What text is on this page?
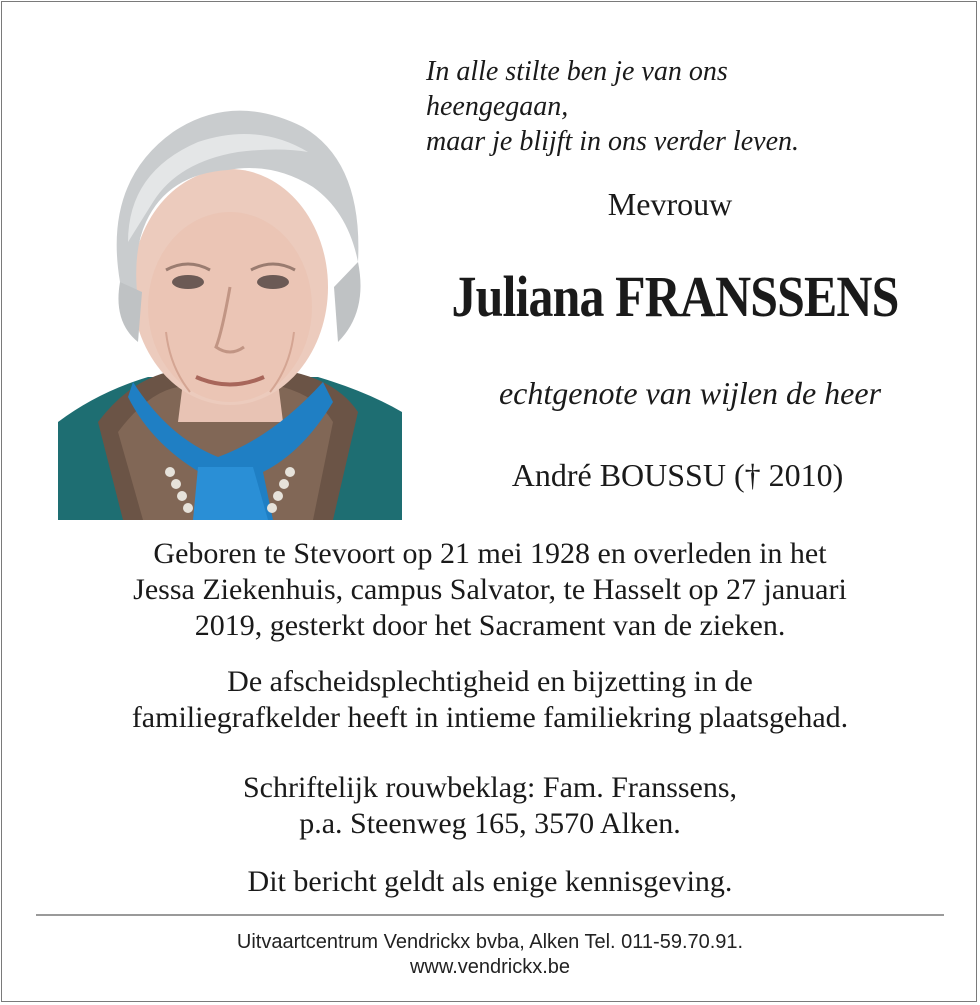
In alle stilte ben je van ons
heengegaan,
maar je blijft in ons verder leven.
Mevrouw
Juliana FRANSSENS
echtgenote van wijlen de heer
André BOUSSU († 2010)
Geboren te Stevoort op 21 mei 1928 en overleden in het
Jessa Ziekenhuis, campus Salvator, te Hasselt op 27 januari
2019, gesterkt door het Sacrament van de zieken.
De afscheidsplechtigheid en bijzetting in de
familiegrafkelder heeft in intieme familiekring plaatsgehad.
Schriftelijk rouwbeklag: Fam. Franssens,
p.a. Steenweg 165, 3570 Alken.
Dit bericht geldt als enige kennisgeving.
Uitvaartcentrum Vendrickx bvba, Alken Tel. 011-59.70.91.
www.vendrickx.be
